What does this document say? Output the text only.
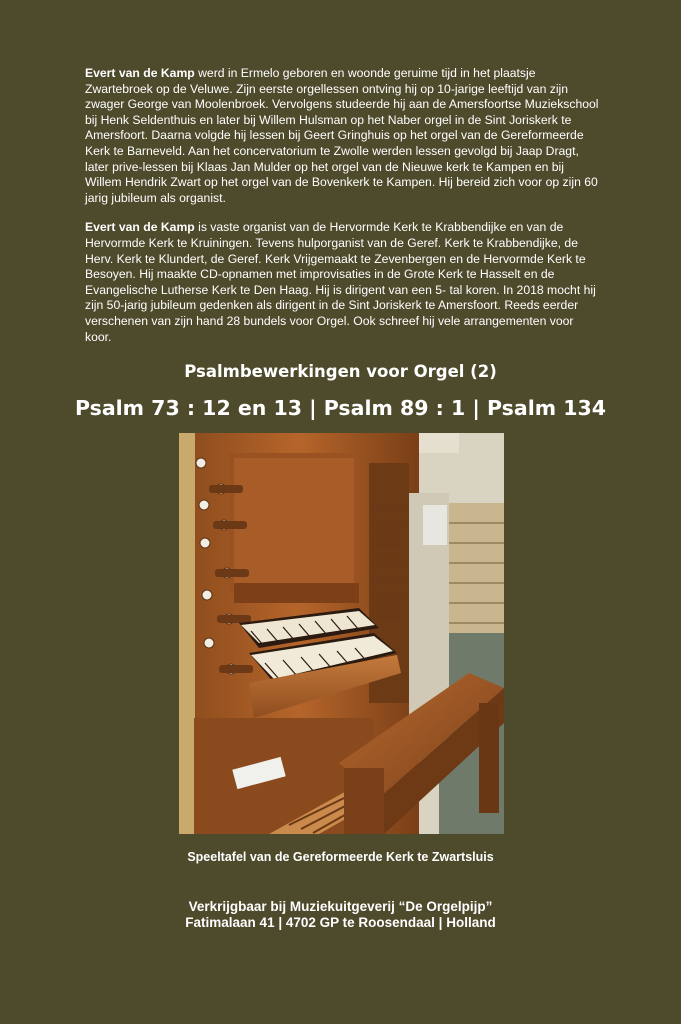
Evert van de Kamp werd in Ermelo geboren en woonde geruime tijd in het plaatsje Zwartebroek op de Veluwe. Zijn eerste orgellessen ontving hij op 10-jarige leeftijd van zijn zwager George van Moolenbroek. Vervolgens studeerde hij aan de Amersfoortse Muziekschool bij Henk Seldenthuis en later bij Willem Hulsman op het Naber orgel in de Sint Joriskerk te Amersfoort. Daarna volgde hij lessen bij Geert Gringhuis op het orgel van de Gereformeerde Kerk te Barneveld. Aan het concervatorium te Zwolle werden lessen gevolgd bij Jaap Dragt, later prive-lessen bij Klaas Jan Mulder op het orgel van de Nieuwe kerk te Kampen en bij Willem Hendrik Zwart op het orgel van de Bovenkerk te Kampen. Hij bereid zich voor op zijn 60 jarig jubileum als organist.

Evert van de Kamp is vaste organist van de Hervormde Kerk te Krabbendijke en van de Hervormde Kerk te Kruiningen. Tevens hulporganist van de Geref. Kerk te Krabbendijke, de Herv. Kerk te Klundert, de Geref. Kerk Vrijgemaakt te Zevenbergen en de Hervormde Kerk te Besoyen. Hij maakte CD-opnamen met improvisaties in de Grote Kerk te Hasselt en de Evangelische Lutherse Kerk te Den Haag. Hij is dirigent van een 5- tal koren. In 2018 mocht hij zijn 50-jarig jubileum gedenken als dirigent in de Sint Joriskerk te Amersfoort. Reeds eerder verschenen van zijn hand 28 bundels voor Orgel. Ook schreef hij vele arrangementen voor koor.

Psalmbewerkingen voor Orgel (2)
Psalm 73 : 12 en 13 | Psalm 89 : 1 | Psalm 134
Speeltafel van de Gereformeerde Kerk te Zwartsluis
Verkrijgbaar bij Muziekuitgeverij “De Orgelpijp”
Fatimalaan 41 | 4702 GP te Roosendaal | Holland
